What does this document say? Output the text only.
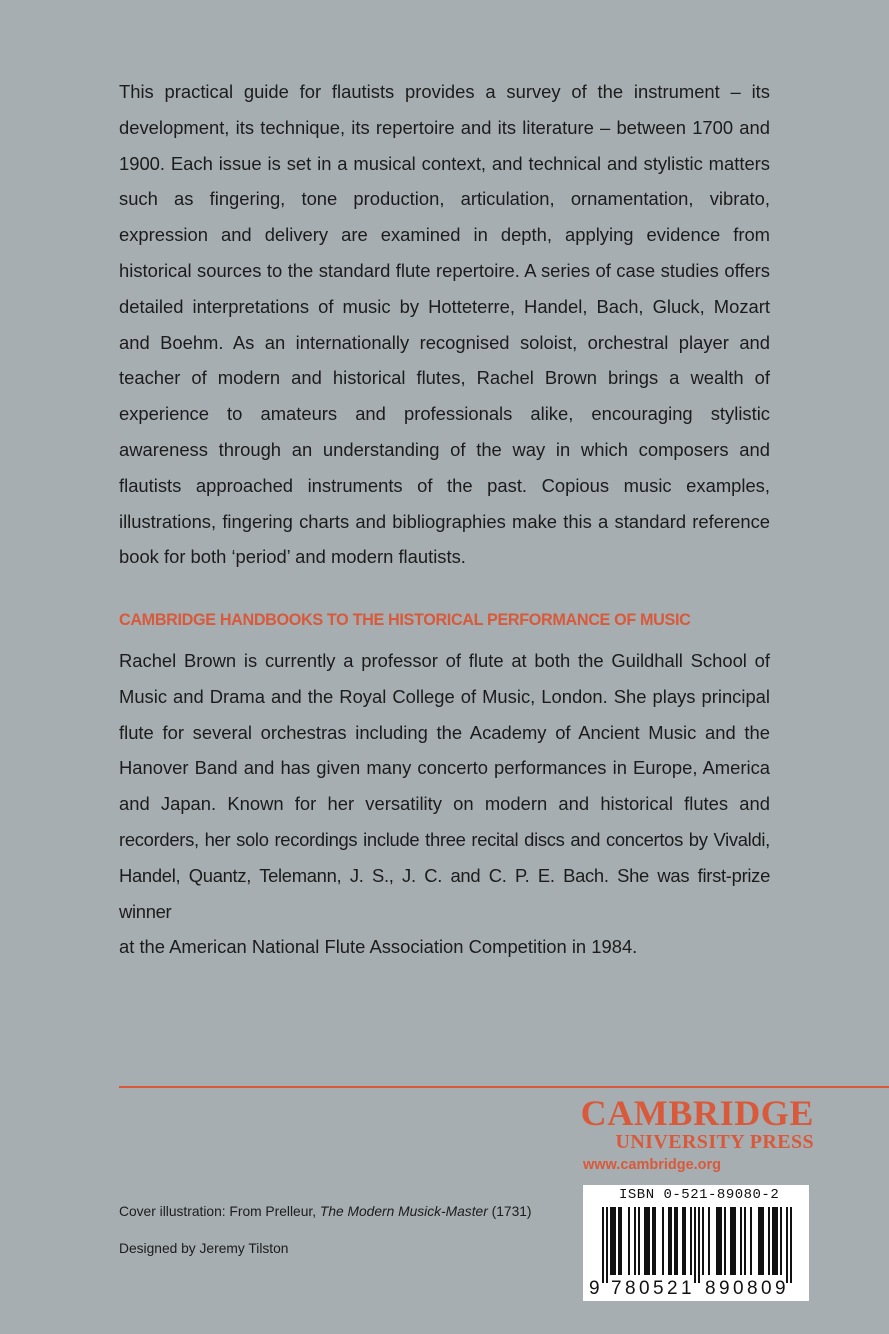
This practical guide for flautists provides a survey of the instrument – its development, its technique, its repertoire and its literature – between 1700 and 1900. Each issue is set in a musical context, and technical and stylistic matters such as fingering, tone production, articulation, ornamentation, vibrato, expression and delivery are examined in depth, applying evidence from historical sources to the standard flute repertoire. A series of case studies offers detailed interpretations of music by Hotteterre, Handel, Bach, Gluck, Mozart and Boehm. As an internationally recognised soloist, orchestral player and teacher of modern and historical flutes, Rachel Brown brings a wealth of experience to amateurs and professionals alike, encouraging stylistic awareness through an understanding of the way in which composers and flautists approached instruments of the past. Copious music examples, illustrations, fingering charts and bibliographies make this a standard reference book for both ‘period’ and modern flautists.

CAMBRIDGE HANDBOOKS TO THE HISTORICAL PERFORMANCE OF MUSIC
Rachel Brown is currently a professor of flute at both the Guildhall School of
Music and Drama and the Royal College of Music, London. She plays principal
flute for several orchestras including the Academy of Ancient Music and the
Hanover Band and has given many concerto performances in Europe, America
and Japan. Known for her versatility on modern and historical flutes and
recorders, her solo recordings include three recital discs and concertos by Vivaldi,
Handel, Quantz, Telemann, J. S., J. C. and C. P. E. Bach. She was first-prize winner
at the American National Flute Association Competition in 1984.
CAMBRIDGE
UNIVERSITY PRESS
www.cambridge.org
Cover illustration: From Prelleur, The Modern Musick-Master (1731)
Designed by Jeremy Tilston
ISBN 0-521-89080-2
9 7 8 0 5 2 1 8 9 0 8 0 9
